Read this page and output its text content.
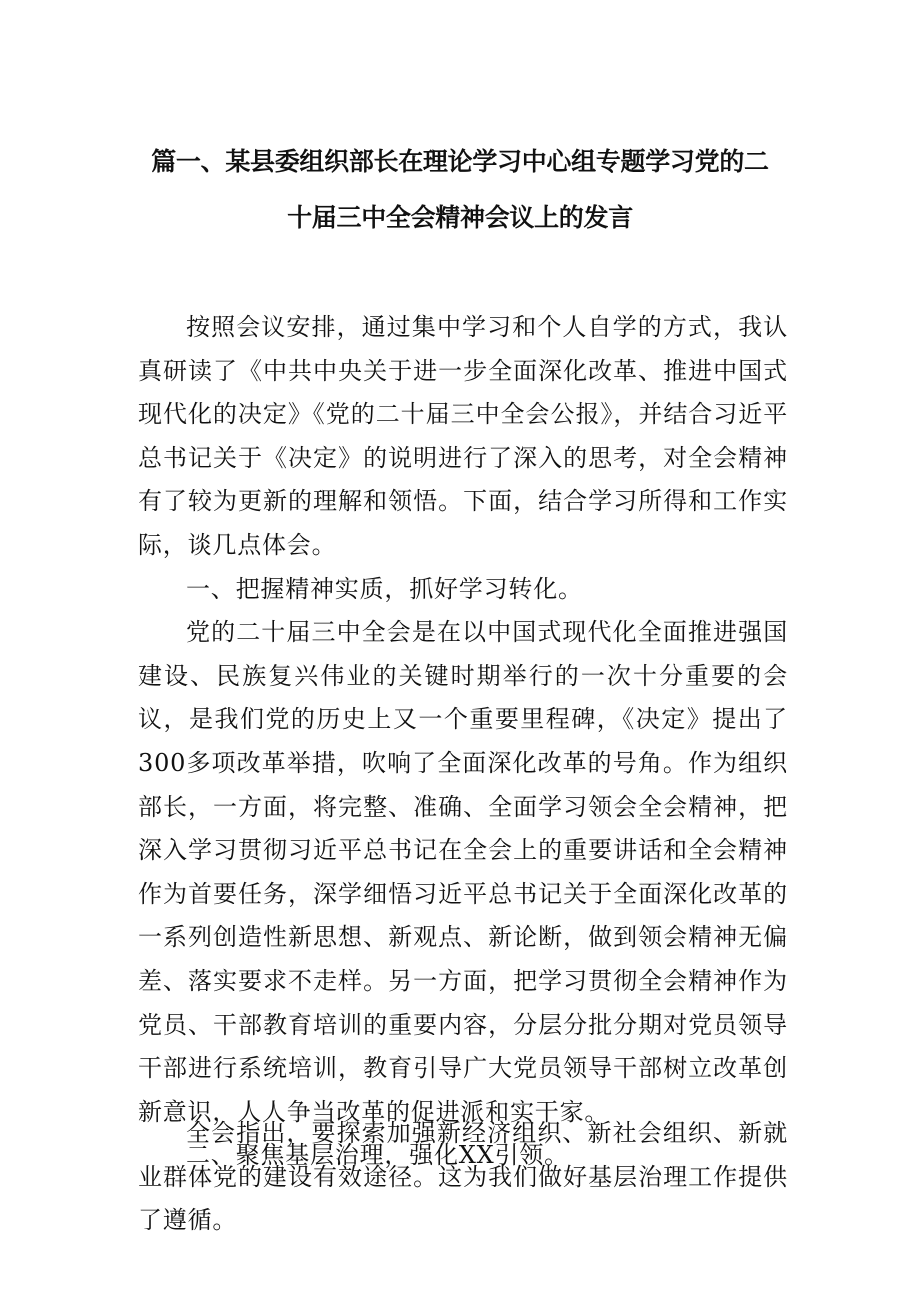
篇一、某县委组织部长在理论学习中心组专题学习党的二
十届三中全会精神会议上的发言

按照会议安排，通过集中学习和个人自学的方式，我认真研读了《中共中央关于进一步全面深化改革、推进中国式现代化的决定》《党的二十届三中全会公报》，并结合习近平总书记关于《决定》的说明进行了深入的思考，对全会精神有了较为更新的理解和领悟。下面，结合学习所得和工作实际，谈几点体会。

一、把握精神实质，抓好学习转化。

党的二十届三中全会是在以中国式现代化全面推进强国建设、民族复兴伟业的关键时期举行的一次十分重要的会议，是我们党的历史上又一个重要里程碑，《决定》提出了300多项改革举措，吹响了全面深化改革的号角。作为组织部长，一方面，将完整、准确、全面学习领会全会精神，把深入学习贯彻习近平总书记在全会上的重要讲话和全会精神作为首要任务，深学细悟习近平总书记关于全面深化改革的一系列创造性新思想、新观点、新论断，做到领会精神无偏差、落实要求不走样。另一方面，把学习贯彻全会精神作为党员、干部教育培训的重要内容，分层分批分期对党员领导干部进行系统培训，教育引导广大党员领导干部树立改革创新意识，人人争当改革的促进派和实干家。

二、聚焦基层治理，强化XX引领。

全会指出，要探索加强新经济组织、新社会组织、新就业群体党的建设有效途径。这为我们做好基层治理工作提供了遵循。
